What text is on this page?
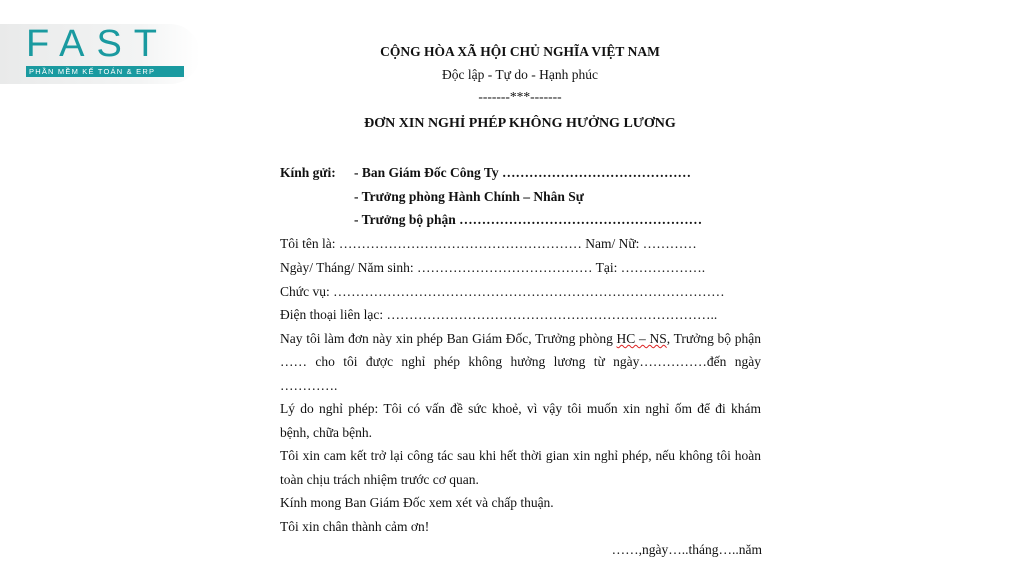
FAST
PHẦN MỀM KẾ TOÁN & ERP
CỘNG HÒA XÃ HỘI CHỦ NGHĨA VIỆT NAM
Độc lập - Tự do - Hạnh phúc
-------***-------
ĐƠN XIN NGHỈ PHÉP KHÔNG HƯỞNG LƯƠNG
Kính gửi: - Ban Giám Đốc Công Ty ……………………………………
- Trưởng phòng Hành Chính – Nhân Sự
- Trưởng bộ phận ………………………………………………
Tôi tên là: ……………………………………………… Nam/ Nữ: …………
Ngày/ Tháng/ Năm sinh: ………………………………… Tại: ……………….
Chức vụ: ……………………………………………………………………………
Điện thoại liên lạc: ………………………………………………………………..
Nay tôi làm đơn này xin phép Ban Giám Đốc, Trưởng phòng HC – NS, Trưởng bộ phận
…… cho tôi được nghỉ phép không hưởng lương từ ngày……………đến ngày
………….
Lý do nghỉ phép: Tôi có vấn đề sức khoẻ, vì vậy tôi muốn xin nghỉ ốm để đi khám
bệnh, chữa bệnh.
Tôi xin cam kết trở lại công tác sau khi hết thời gian xin nghỉ phép, nếu không tôi hoàn
toàn chịu trách nhiệm trước cơ quan.
Kính mong Ban Giám Đốc xem xét và chấp thuận.
Tôi xin chân thành cảm ơn!
……,ngày…..tháng…..năm
